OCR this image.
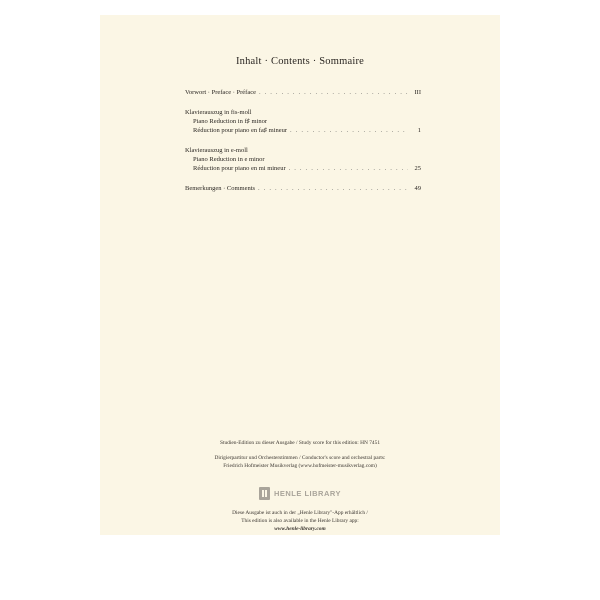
Inhalt · Contents · Sommaire
Vorwort · Preface · Préface . . .	III
Klavierauszug in fis-moll
Piano Reduction in f♯ minor
Réduction pour piano en fa♯ mineur . . .	1
Klavierauszug in e-moll
Piano Reduction in e minor
Réduction pour piano en mi mineur . . .	25
Bemerkungen · Comments . . .	49
Studien-Edition zu dieser Ausgabe / Study score for this edition: HN 7451
Dirigierpartitur und Orchesterstimmen / Conductor's score and orchestral parts:
Friedrich Hofmeister Musikverlag (www.hofmeister-musikverlag.com)
HENLE LIBRARY
Diese Ausgabe ist auch in der „Henle Library"-App erhältlich /
This edition is also available in the Henle Library app:
www.henle-library.com
